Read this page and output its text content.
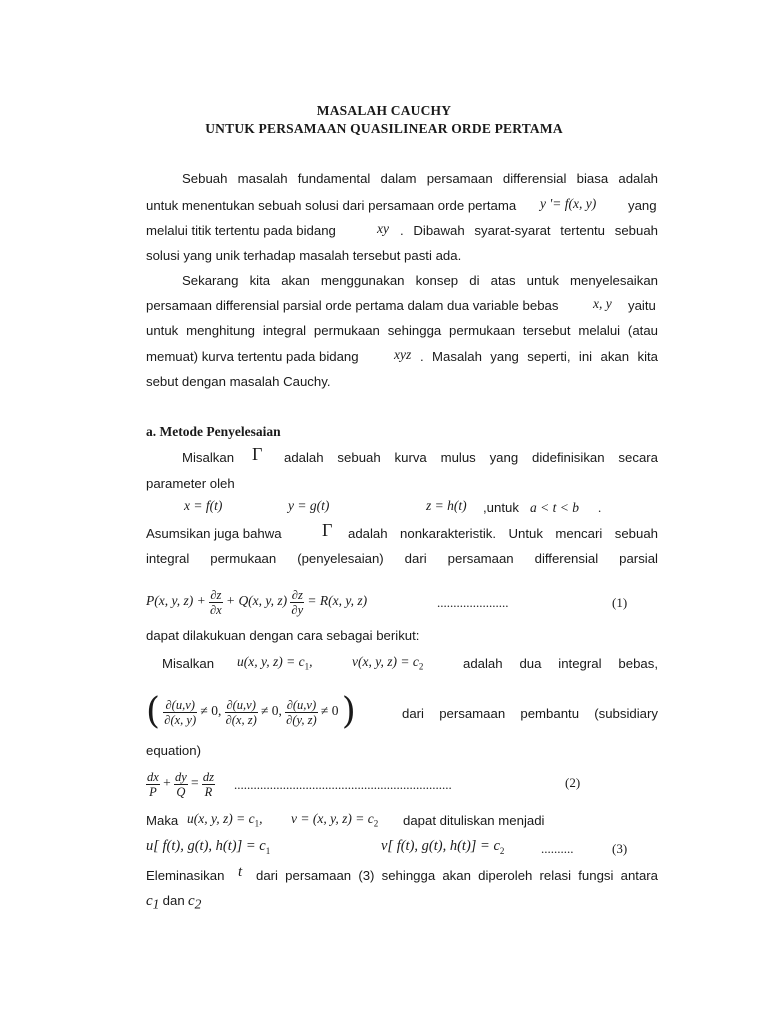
MASALAH CAUCHY
UNTUK PERSAMAAN QUASILINEAR ORDE PERTAMA
Sebuah masalah fundamental dalam persamaan differensial biasa adalah
untuk menentukan sebuah solusi dari persamaan orde pertama y '= f(x, y) yang
melalui titik tertentu pada bidang	xy . Dibawah syarat-syarat tertentu sebuah
solusi yang unik terhadap masalah tersebut pasti ada.
Sekarang kita akan menggunakan konsep di atas untuk menyelesaikan
persamaan differensial parsial orde pertama dalam dua variable bebas	x, y yaitu
untuk menghitung integral permukaan sehingga permukaan tersebut melalui (atau
memuat) kurva tertentu pada bidang	xyz . Masalah yang seperti, ini akan kita
sebut dengan masalah Cauchy.
a. Metode Penyelesaian
Misalkan Γ adalah sebuah kurva mulus yang didefinisikan secara
parameter oleh
x = f(t)	y = g(t)	z = h(t) ,untuk a < t < b .
Asumsikan juga bahwa Γ adalah nonkarakteristik. Untuk mencari sebuah
integral permukaan (penyelesaian) dari persamaan differensial parsial
P(x, y, $z) + \frac{\partial z}{\partial x} + Q(x$, y, $z) \frac{\partial z}{\partial y} = R(x$, y, z)	......................	(1)
dapat dilakukuan dengan cara sebagai berikut:
Misalkan u(x, y, $z) = c_1$,	v(x, y, $z) = c_2$	adalah dua integral bebas,
( $\frac{\partial(u,v)}{\partial(x, y)} \ne 0$, $\frac{\partial(u,v)}{\partial(x, z)} \ne 0$, $\frac{\partial(u,v)}{\partial(y, z)} \ne 0$ )	dari persamaan pembantu (subsidiary
equation)
$\frac{dx}{P} + \frac{dy}{Q} = \frac{dz}{R}$ ...................................................................	(2)
Maka u(x, y, $z) = c_1$, v = (x, y, $z) = c_2$ dapat dituliskan menjadi
u[ f(t), g(t), $h(t)] = c_1$	v[ f(t), g(t), $h(t)] = c_2$	..........	(3)
Eleminasikan t dari persamaan (3) sehingga akan diperoleh relasi fungsi antara
$c_1$ dan $c_2$
